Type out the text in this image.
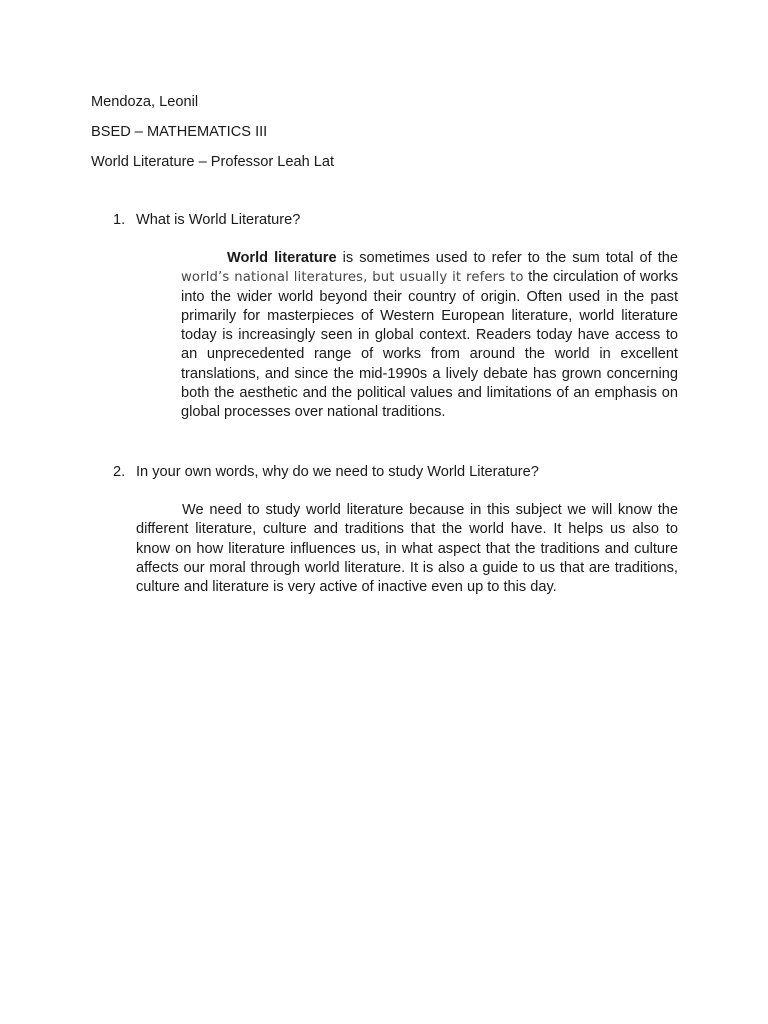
Mendoza, Leonil
BSED – MATHEMATICS III
World Literature – Professor Leah Lat
1. What is World Literature?

World literature is sometimes used to refer to the sum total of the world’s national literatures, but usually it refers to the circulation of works into the wider world beyond their country of origin. Often used in the past primarily for masterpieces of Western European literature, world literature today is increasingly seen in global context. Readers today have access to an unprecedented range of works from around the world in excellent translations, and since the mid-1990s a lively debate has grown concerning both the aesthetic and the political values and limitations of an emphasis on global processes over national traditions.

2. In your own words, why do we need to study World Literature?

We need to study world literature because in this subject we will know the different literature, culture and traditions that the world have. It helps us also to know on how literature influences us, in what aspect that the traditions and culture affects our moral through world literature. It is also a guide to us that are traditions, culture and literature is very active of inactive even up to this day.
